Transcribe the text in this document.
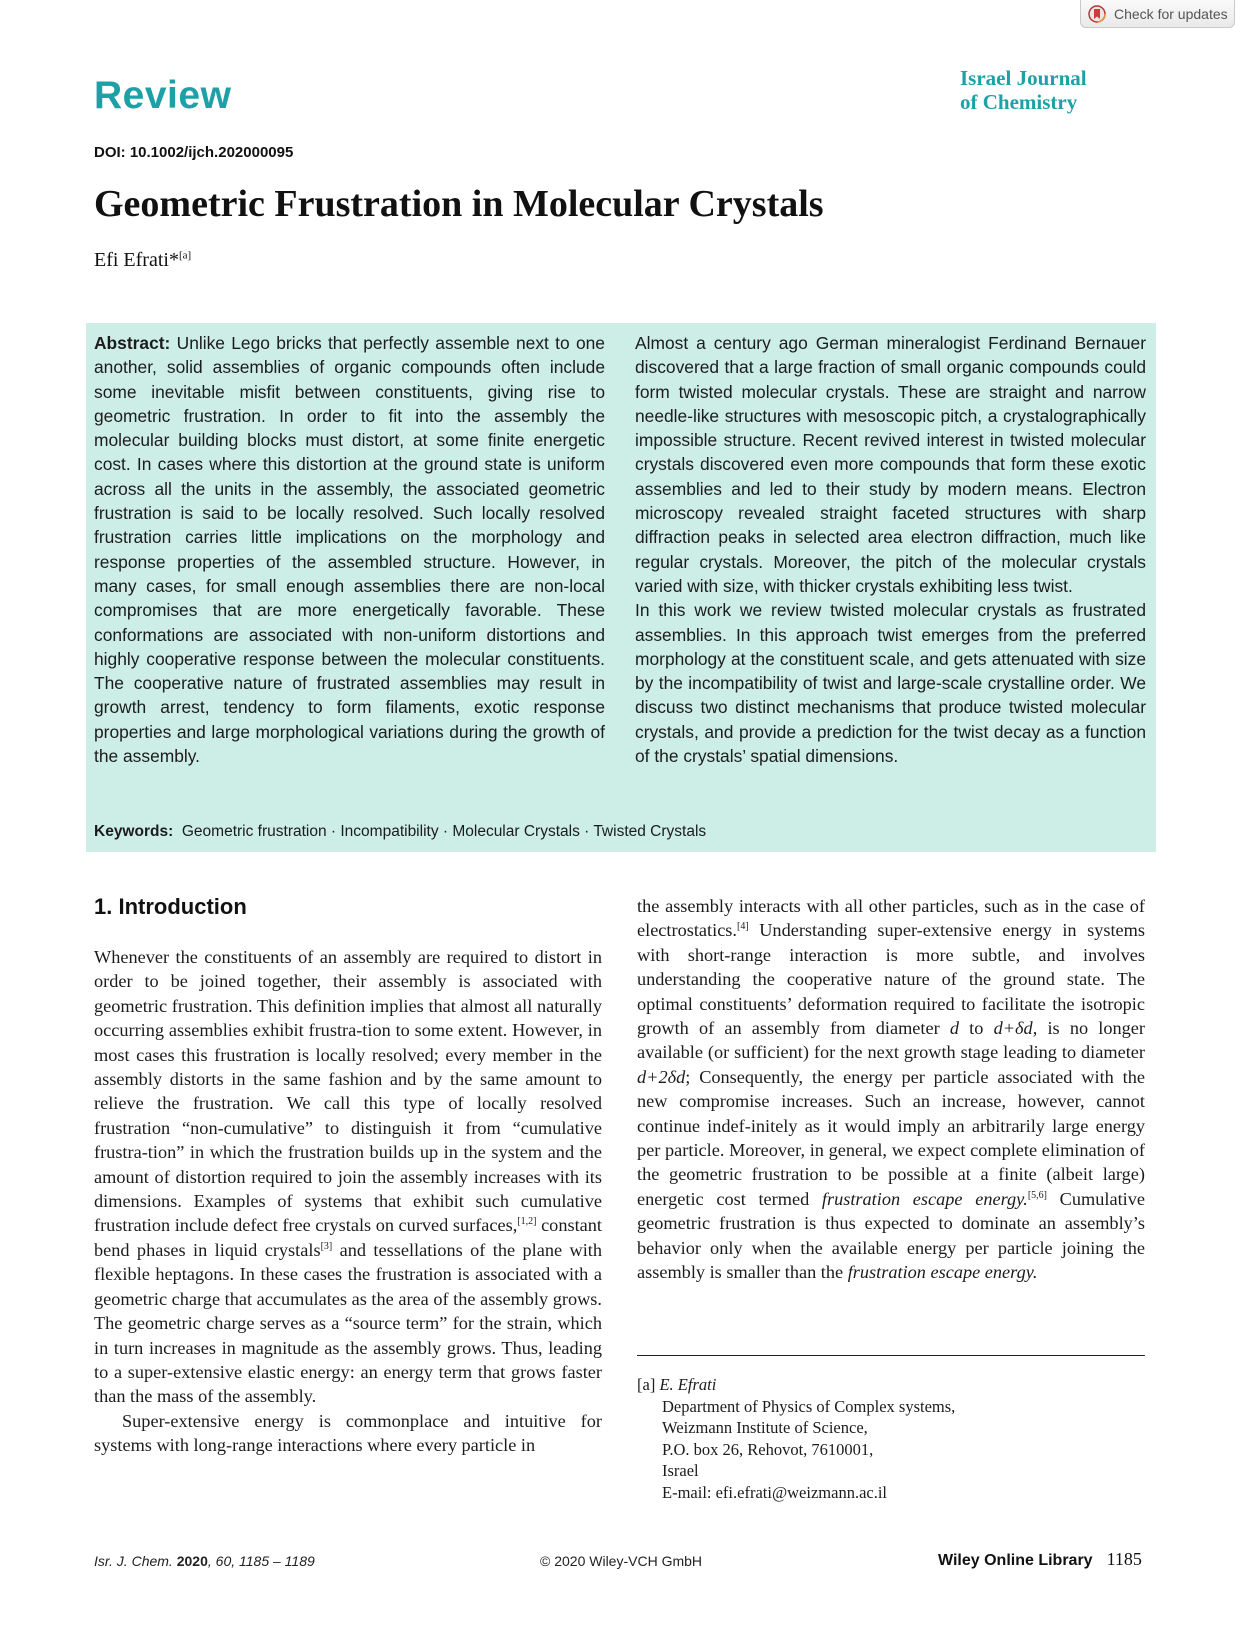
Check for updates
Review	Israel Journal
of Chemistry
DOI: 10.1002/ijch.202000095
Geometric Frustration in Molecular Crystals
Efi Efrati*[a]

Abstract: Unlike Lego bricks that perfectly assemble next to one another, solid assemblies of organic compounds often include some inevitable misfit between constituents, giving rise to geometric frustration. In order to fit into the assembly the molecular building blocks must distort, at some finite energetic cost. In cases where this distortion at the ground state is uniform across all the units in the assembly, the associated geometric frustration is said to be locally resolved. Such locally resolved frustration carries little implications on the morphology and response properties of the assembled structure. However, in many cases, for small enough assemblies there are non-local compromises that are more energetically favorable. These conformations are associated with non-uniform distortions and highly cooperative response between the molecular constituents. The cooperative nature of frustrated assemblies may result in growth arrest, tendency to form filaments, exotic response properties and large morphological variations during the growth of the assembly.

Almost a century ago German mineralogist Ferdinand Bernauer discovered that a large fraction of small organic compounds could form twisted molecular crystals. These are straight and narrow needle-like structures with mesoscopic pitch, a crystalographically impossible structure. Recent revived interest in twisted molecular crystals discovered even more compounds that form these exotic assemblies and led to their study by modern means. Electron microscopy revealed straight faceted structures with sharp diffraction peaks in selected area electron diffraction, much like regular crystals. Moreover, the pitch of the molecular crystals varied with size, with thicker crystals exhibiting less twist.

In this work we review twisted molecular crystals as frustrated assemblies. In this approach twist emerges from the preferred morphology at the constituent scale, and gets attenuated with size by the incompatibility of twist and large-scale crystalline order. We discuss two distinct mechanisms that produce twisted molecular crystals, and provide a prediction for the twist decay as a function of the crystals’ spatial dimensions.

Keywords: Geometric frustration · Incompatibility · Molecular Crystals · Twisted Crystals
1. Introduction

Whenever the constituents of an assembly are required to distort in order to be joined together, their assembly is associated with geometric frustration. This definition implies that almost all naturally occurring assemblies exhibit frustra-tion to some extent. However, in most cases this frustration is locally resolved; every member in the assembly distorts in the same fashion and by the same amount to relieve the frustration. We call this type of locally resolved frustration “non-cumulative” to distinguish it from “cumulative frustra-tion” in which the frustration builds up in the system and the amount of distortion required to join the assembly increases with its dimensions. Examples of systems that exhibit such cumulative frustration include defect free crystals on curved surfaces,[1,2] constant bend phases in liquid crystals[3] and tessellations of the plane with flexible heptagons. In these cases the frustration is associated with a geometric charge that accumulates as the area of the assembly grows. The geometric charge serves as a “source term” for the strain, which in turn increases in magnitude as the assembly grows. Thus, leading to a super-extensive elastic energy: an energy term that grows faster than the mass of the assembly.

Super-extensive energy is commonplace and intuitive for systems with long-range interactions where every particle in

the assembly interacts with all other particles, such as in the case of electrostatics.[4] Understanding super-extensive energy in systems with short-range interaction is more subtle, and involves understanding the cooperative nature of the ground state. The optimal constituents’ deformation required to facilitate the isotropic growth of an assembly from diameter d to d+δd, is no longer available (or sufficient) for the next growth stage leading to diameter d+2δd; Consequently, the energy per particle associated with the new compromise increases. Such an increase, however, cannot continue indef-initely as it would imply an arbitrarily large energy per particle. Moreover, in general, we expect complete elimination of the geometric frustration to be possible at a finite (albeit large) energetic cost termed frustration escape energy.[5,6] Cumulative geometric frustration is thus expected to dominate an assembly’s behavior only when the available energy per particle joining the assembly is smaller than the frustration escape energy.

[a] E. Efrati
Department of Physics of Complex systems,
Weizmann Institute of Science,
P.O. box 26, Rehovot, 7610001,
Israel
E-mail: efi.efrati@weizmann.ac.il
Isr. J. Chem. 2020, 60, 1185 – 1189	© 2020 Wiley-VCH GmbH	Wiley Online Library 1185
